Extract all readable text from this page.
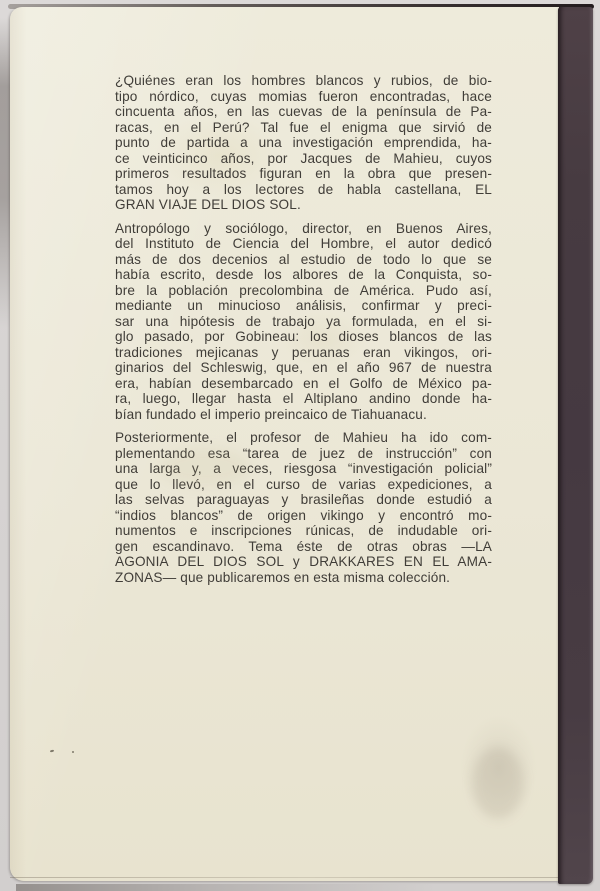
¿Quiénes eran los hombres blancos y rubios, de bio-
tipo nórdico, cuyas momias fueron encontradas, hace
cincuenta años, en las cuevas de la península de Pa-
racas, en el Perú? Tal fue el enigma que sirvió de
punto de partida a una investigación emprendida, ha-
ce veinticinco años, por Jacques de Mahieu, cuyos
primeros resultados figuran en la obra que presen-
tamos hoy a los lectores de habla castellana, EL
GRAN VIAJE DEL DIOS SOL.

Antropólogo y sociólogo, director, en Buenos Aires,
del Instituto de Ciencia del Hombre, el autor dedicó
más de dos decenios al estudio de todo lo que se
había escrito, desde los albores de la Conquista, so-
bre la población precolombina de América. Pudo así,
mediante un minucioso análisis, confirmar y preci-
sar una hipótesis de trabajo ya formulada, en el si-
glo pasado, por Gobineau: los dioses blancos de las
tradiciones mejicanas y peruanas eran vikingos, ori-
ginarios del Schleswig, que, en el año 967 de nuestra
era, habían desembarcado en el Golfo de México pa-
ra, luego, llegar hasta el Altiplano andino donde ha-
bían fundado el imperio preincaico de Tiahuanacu.

Posteriormente, el profesor de Mahieu ha ido com-
plementando esa “tarea de juez de instrucción” con
una larga y, a veces, riesgosa “investigación policial”
que lo llevó, en el curso de varias expediciones, a
las selvas paraguayas y brasileñas donde estudió a
“indios blancos” de origen vikingo y encontró mo-
numentos e inscripciones rúnicas, de indudable ori-
gen escandinavo. Tema éste de otras obras —LA
AGONIA DEL DIOS SOL y DRAKKARES EN EL AMA-
ZONAS— que publicaremos en esta misma colección.
